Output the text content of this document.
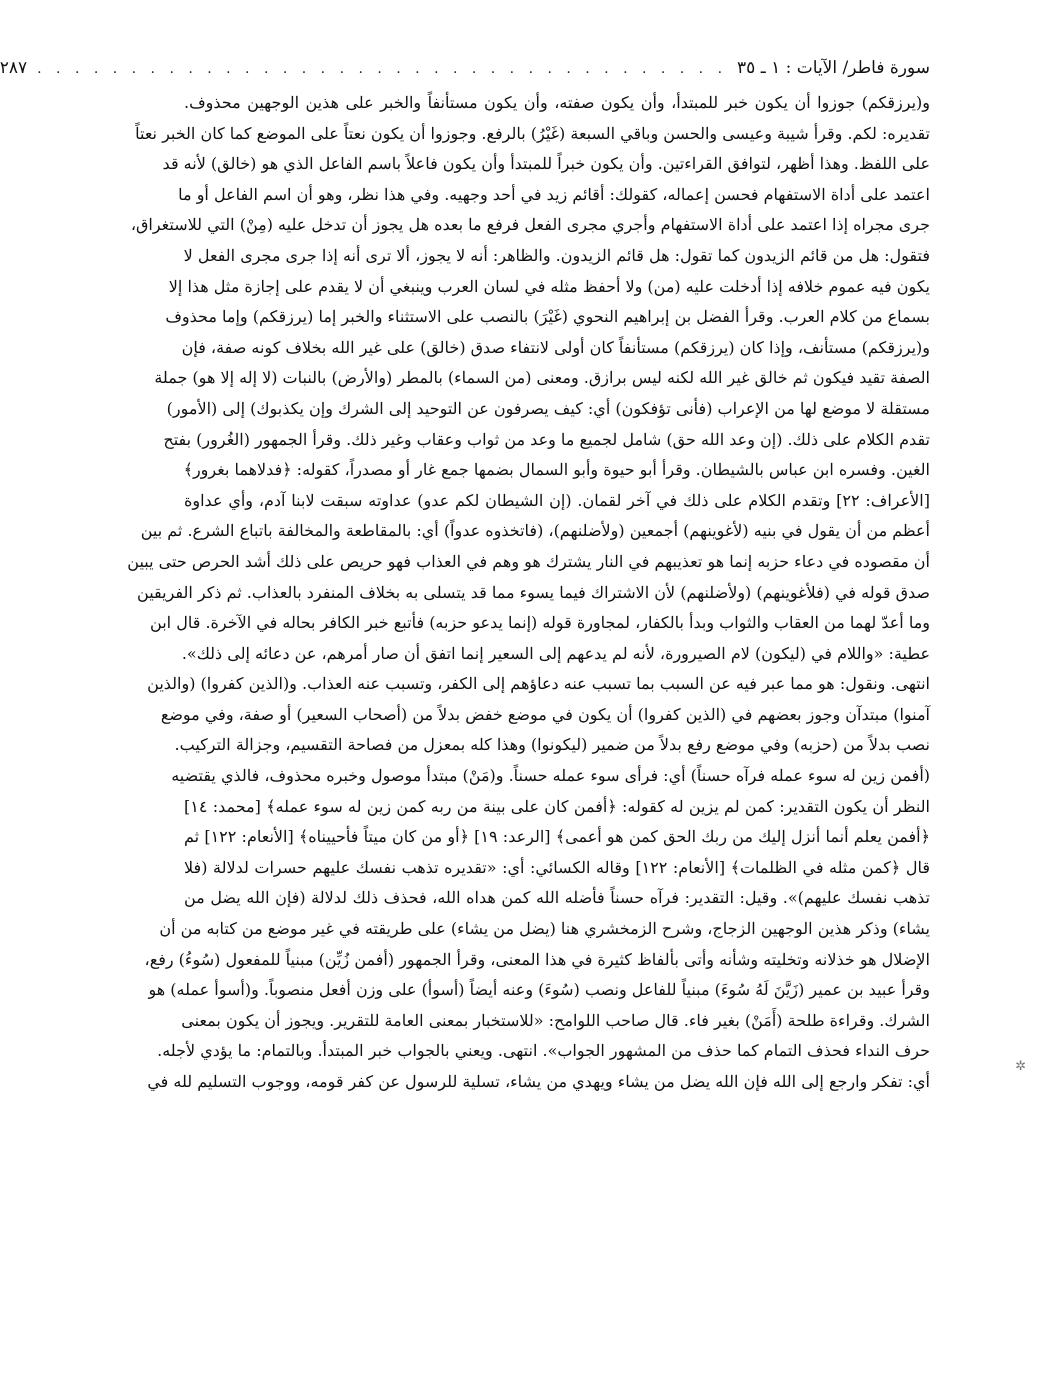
سورة فاطر/ الآيات : ١ ـ ٣٥
. . . . . . . . . . . . . . . . . . . . . . . . . . . . . . . . . . . . .
٢٨٧
و(يرزقكم) جوزوا أن يكون خبر للمبتدأ، وأن يكون صفته، وأن يكون مستأنفاً والخبر على هذين الوجهين محذوف.
تقديره: لكم. وقرأ شيبة وعيسى والحسن وباقي السبعة (غَيْرُ) بالرفع. وجوزوا أن يكون نعتاً على الموضع كما كان الخبر نعتاً
على اللفظ. وهذا أظهر، لتوافق القراءتين. وأن يكون خبراً للمبتدأ وأن يكون فاعلاً باسم الفاعل الذي هو (خالق) لأنه قد
اعتمد على أداة الاستفهام فحسن إعماله، كقولك: أقائم زيد في أحد وجهيه. وفي هذا نظر، وهو أن اسم الفاعل أو ما
جرى مجراه إذا اعتمد على أداة الاستفهام وأجري مجرى الفعل فرفع ما بعده هل يجوز أن تدخل عليه (مِنْ) التي للاستغراق،
فتقول: هل من قائم الزيدون كما تقول: هل قائم الزيدون. والظاهر: أنه لا يجوز، ألا ترى أنه إذا جرى مجرى الفعل لا
يكون فيه عموم خلافه إذا أدخلت عليه (من) ولا أحفظ مثله في لسان العرب وينبغي أن لا يقدم على إجازة مثل هذا إلا
بسماع من كلام العرب. وقرأ الفضل بن إبراهيم النحوي (غَيْرَ) بالنصب على الاستثناء والخبر إما (يرزقكم) وإما محذوف
و(يرزقكم) مستأنف، وإذا كان (يرزقكم) مستأنفاً كان أولى لانتفاء صدق (خالق) على غير الله بخلاف كونه صفة، فإن
الصفة تقيد فيكون ثم خالق غير الله لكنه ليس برازق. ومعنى (من السماء) بالمطر (والأرض) بالنبات (لا إله إلا هو) جملة
مستقلة لا موضع لها من الإعراب (فأنى تؤفكون) أي: كيف يصرفون عن التوحيد إلى الشرك وإن يكذبوك) إلى (الأمور)
تقدم الكلام على ذلك. (إن وعد الله حق) شامل لجميع ما وعد من ثواب وعقاب وغير ذلك. وقرأ الجمهور (الغُرور) بفتح
الغين. وفسره ابن عباس بالشيطان. وقرأ أبو حيوة وأبو السمال بضمها جمع غار أو مصدراً، كقوله: ﴿فدلاهما بغرور﴾
[الأعراف: ٢٢] وتقدم الكلام على ذلك في آخر لقمان. (إن الشيطان لكم عدو) عداوته سبقت لابنا آدم، وأي عداوة
أعظم من أن يقول في بنيه (لأغوينهم) أجمعين (ولأضلنهم)، (فاتخذوه عدواً) أي: بالمقاطعة والمخالفة باتباع الشرع. ثم بين
أن مقصوده في دعاء حزبه إنما هو تعذيبهم في النار يشترك هو وهم في العذاب فهو حريص على ذلك أشد الحرص حتى يبين
صدق قوله في (فلأغوينهم) (ولأضلنهم) لأن الاشتراك فيما يسوء مما قد يتسلى به بخلاف المنفرد بالعذاب. ثم ذكر الفريقين
وما أعدّ لهما من العقاب والثواب وبدأ بالكفار، لمجاورة قوله (إنما يدعو حزبه) فأتبع خبر الكافر بحاله في الآخرة. قال ابن
عطية: «واللام في (ليكون) لام الصيرورة، لأنه لم يدعهم إلى السعير إنما اتفق أن صار أمرهم، عن دعائه إلى ذلك».
انتهى. ونقول: هو مما عبر فيه عن السبب بما تسبب عنه دعاؤهم إلى الكفر، وتسبب عنه العذاب. و(الذين كفروا) (والذين
آمنوا) مبتدآن وجوز بعضهم في (الذين كفروا) أن يكون في موضع خفض بدلاً من (أصحاب السعير) أو صفة، وفي موضع
نصب بدلاً من (حزبه) وفي موضع رفع بدلاً من ضمير (ليكونوا) وهذا كله بمعزل من فصاحة التقسيم، وجزالة التركيب.
(أفمن زين له سوء عمله فرآه حسناً) أي: فرأى سوء عمله حسناً. و(مَنْ) مبتدأ موصول وخبره محذوف، فالذي يقتضيه
النظر أن يكون التقدير: كمن لم يزين له كقوله: ﴿أفمن كان على بينة من ربه كمن زين له سوء عمله﴾ [محمد: ١٤]
﴿أفمن يعلم أنما أنزل إليك من ربك الحق كمن هو أعمى﴾ [الرعد: ١٩] ﴿أو من كان ميتاً فأحييناه﴾ [الأنعام: ١٢٢] ثم
قال ﴿كمن مثله في الظلمات﴾ [الأنعام: ١٢٢] وقاله الكسائي: أي: «تقديره تذهب نفسك عليهم حسرات لدلالة (فلا
تذهب نفسك عليهم)». وقيل: التقدير: فرآه حسناً فأضله الله كمن هداه الله، فحذف ذلك لدلالة (فإن الله يضل من
يشاء) وذكر هذين الوجهين الزجاج، وشرح الزمخشري هنا (يضل من يشاء) على طريقته في غير موضع من كتابه من أن
الإضلال هو خذلانه وتخليته وشأنه وأتى بألفاظ كثيرة في هذا المعنى، وقرأ الجمهور (أفمن زُيِّن) مبنياً للمفعول (سُوءُ) رفع،
وقرأ عبيد بن عمير (زَيَّنَ لَهُ سُوءَ) مبنياً للفاعل ونصب (سُوءَ) وعنه أيضاً (أسوأ) على وزن أفعل منصوباً. و(أسوأ عمله) هو
الشرك. وقراءة طلحة (أَمَنْ) بغير فاء. قال صاحب اللوامح: «للاستخبار بمعنى العامة للتقرير. ويجوز أن يكون بمعنى
حرف النداء فحذف التمام كما حذف من المشهور الجواب». انتهى. ويعني بالجواب خبر المبتدأ. وبالتمام: ما يؤدي لأجله.
أي: تفكر وارجع إلى الله فإن الله يضل من يشاء ويهدي من يشاء، تسلية للرسول عن كفر قومه، ووجوب التسليم لله في
✲
